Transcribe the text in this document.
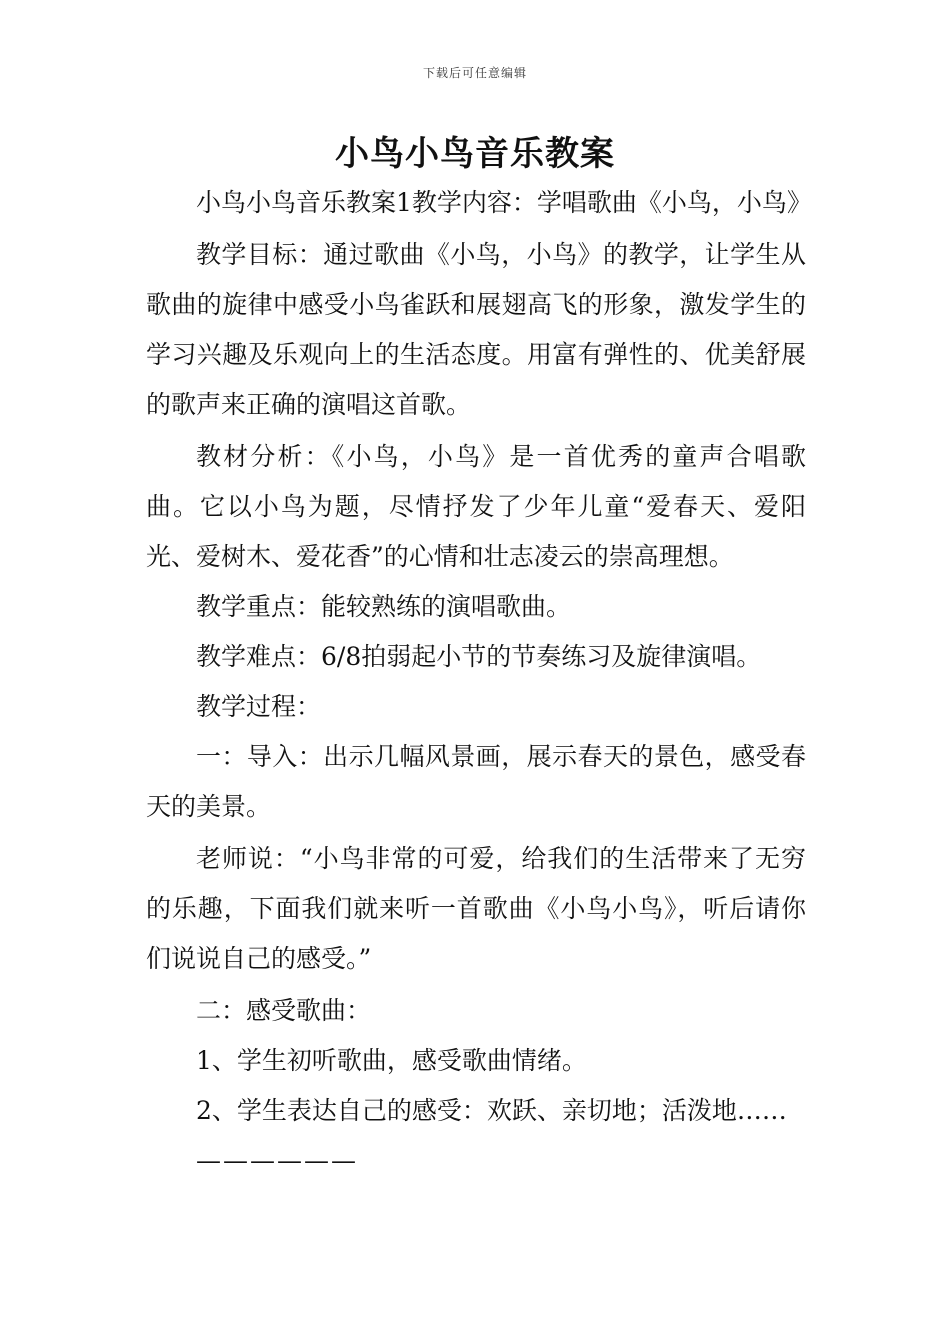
下载后可任意编辑
小鸟小鸟音乐教案

小鸟小鸟音乐教案1教学内容：学唱歌曲《小鸟，小鸟》

教学目标：通过歌曲《小鸟，小鸟》的教学，让学生从歌曲的旋律中感受小鸟雀跃和展翅高飞的形象，激发学生的学习兴趣及乐观向上的生活态度。用富有弹性的、优美舒展的歌声来正确的演唱这首歌。

教材分析：《小鸟，小鸟》是一首优秀的童声合唱歌曲。它以小鸟为题，尽情抒发了少年儿童“爱春天、爱阳光、爱树木、爱花香”的心情和壮志凌云的崇高理想。

教学重点：能较熟练的演唱歌曲。

教学难点：6/8拍弱起小节的节奏练习及旋律演唱。

教学过程：

一：导入：出示几幅风景画，展示春天的景色，感受春天的美景。

老师说：“小鸟非常的可爱，给我们的生活带来了无穷的乐趣，下面我们就来听一首歌曲《小鸟小鸟》，听后请你们说说自己的感受。”

二：感受歌曲：

1、学生初听歌曲，感受歌曲情绪。

2、学生表达自己的感受：欢跃、亲切地；活泼地……

——————
